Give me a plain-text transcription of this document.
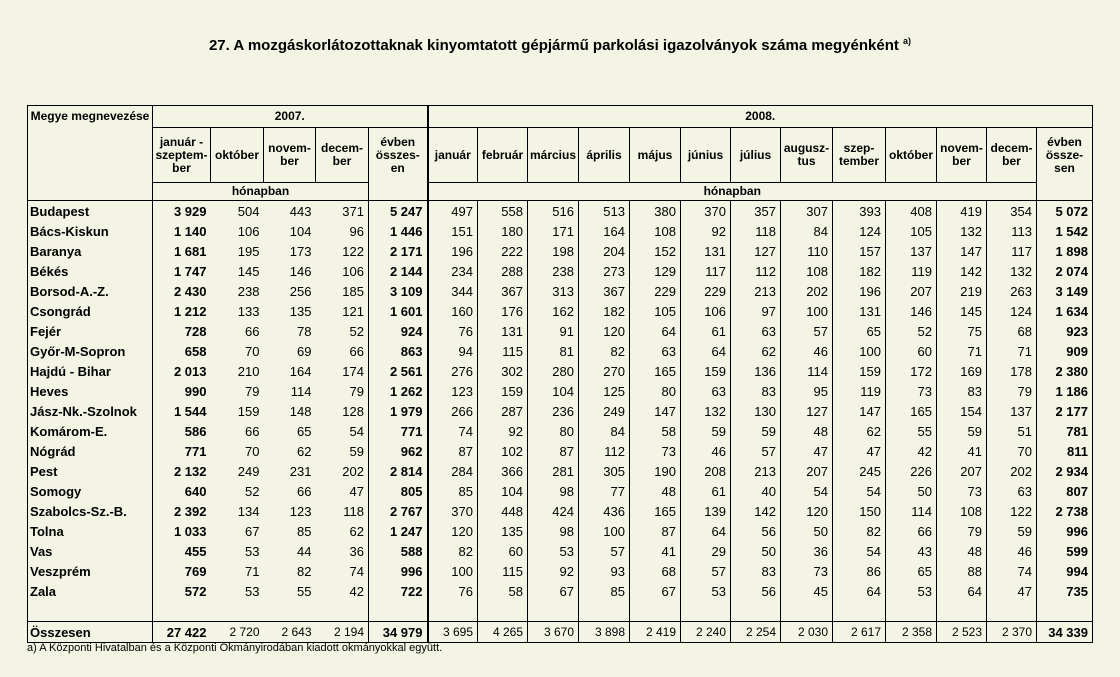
27. A mozgáskorlátozottaknak kinyomtatott gépjármű parkolási igazolványok száma megyénként $^{a)}$
Megye megnevezése	2007.					2008.												
	január - szeptem-ber	október	novem-ber	decem-ber	évben összes-en	január	február	március	április	május	június	július	augusz-tus	szep-tember	október	novem-ber	decem-ber	évben össze-sen
	hónapban					hónapban												
Budapest	3 929	504	443	371	5 247	497	558	516	513	380	370	357	307	393	408	419	354	5 072
Bács-Kiskun	1 140	106	104	96	1 446	151	180	171	164	108	92	118	84	124	105	132	113	1 542
Baranya	1 681	195	173	122	2 171	196	222	198	204	152	131	127	110	157	137	147	117	1 898
Békés	1 747	145	146	106	2 144	234	288	238	273	129	117	112	108	182	119	142	132	2 074
Borsod-A.-Z.	2 430	238	256	185	3 109	344	367	313	367	229	229	213	202	196	207	219	263	3 149
Csongrád	1 212	133	135	121	1 601	160	176	162	182	105	106	97	100	131	146	145	124	1 634
Fejér	728	66	78	52	924	76	131	91	120	64	61	63	57	65	52	75	68	923
Győr-M-Sopron	658	70	69	66	863	94	115	81	82	63	64	62	46	100	60	71	71	909
Hajdú - Bihar	2 013	210	164	174	2 561	276	302	280	270	165	159	136	114	159	172	169	178	2 380
Heves	990	79	114	79	1 262	123	159	104	125	80	63	83	95	119	73	83	79	1 186
Jász-Nk.-Szolnok	1 544	159	148	128	1 979	266	287	236	249	147	132	130	127	147	165	154	137	2 177
Komárom-E.	586	66	65	54	771	74	92	80	84	58	59	59	48	62	55	59	51	781
Nógrád	771	70	62	59	962	87	102	87	112	73	46	57	47	47	42	41	70	811
Pest	2 132	249	231	202	2 814	284	366	281	305	190	208	213	207	245	226	207	202	2 934
Somogy	640	52	66	47	805	85	104	98	77	48	61	40	54	54	50	73	63	807
Szabolcs-Sz.-B.	2 392	134	123	118	2 767	370	448	424	436	165	139	142	120	150	114	108	122	2 738
Tolna	1 033	67	85	62	1 247	120	135	98	100	87	64	56	50	82	66	79	59	996
Vas	455	53	44	36	588	82	60	53	57	41	29	50	36	54	43	48	46	599
Veszprém	769	71	82	74	996	100	115	92	93	68	57	83	73	86	65	88	74	994
Zala	572	53	55	42	722	76	58	67	85	67	53	56	45	64	53	64	47	735

Összesen	27 422	2 720	2 643	2 194	34 979	3 695	4 265	3 670	3 898	2 419	2 240	2 254	2 030	2 617	2 358	2 523	2 370	34 339
a) A Központi Hivatalban és a Központi Okmányirodában kiadott okmányokkal együtt.
